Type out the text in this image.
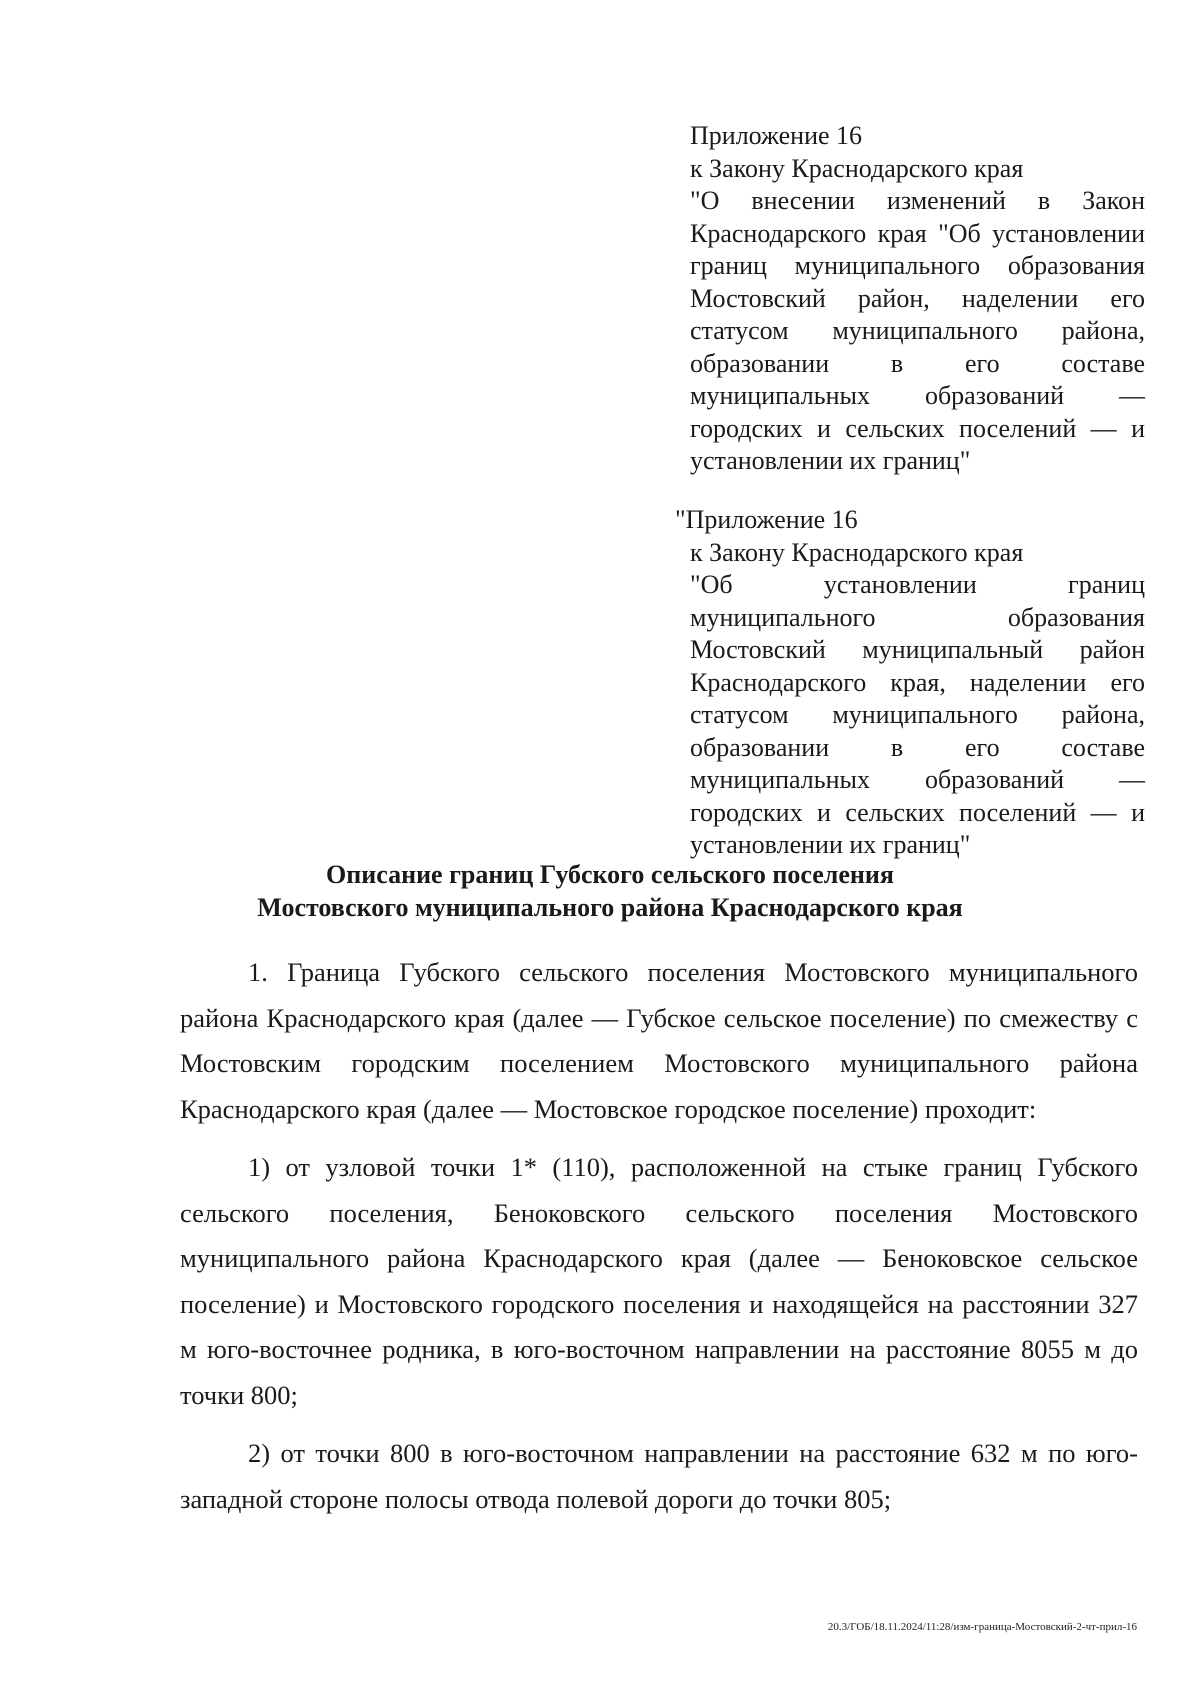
Приложение 16
к Закону Краснодарского края
"О внесении изменений в Закон Краснодарского края "Об установлении границ муниципального образования Мостовский район, наделении его статусом муниципального района, образовании в его составе муниципальных образований — городских и сельских поселений — и установлении их границ"
"Приложение 16
к Закону Краснодарского края
"Об установлении границ муниципального образования Мостовский муниципальный район Краснодарского края, наделении его статусом муниципального района, образовании в его составе муниципальных образований — городских и сельских поселений — и установлении их границ"
Описание границ Губского сельского поселения
Мостовского муниципального района Краснодарского края

1. Граница Губского сельского поселения Мостовского муниципального района Краснодарского края (далее — Губское сельское поселение) по смежеству с Мостовским городским поселением Мостовского муниципального района Краснодарского края (далее — Мостовское городское поселение) проходит:

1) от узловой точки 1* (110), расположенной на стыке границ Губского сельского поселения, Беноковского сельского поселения Мостовского муниципального района Краснодарского края (далее — Беноковское сельское поселение) и Мостовского городского поселения и находящейся на расстоянии 327 м юго-восточнее родника, в юго-восточном направлении на расстояние 8055 м до точки 800;

2) от точки 800 в юго-восточном направлении на расстояние 632 м по юго-западной стороне полосы отвода полевой дороги до точки 805;

20.3/ГОБ/18.11.2024/11:28/изм-граница-Мостовский-2-чт-прил-16
